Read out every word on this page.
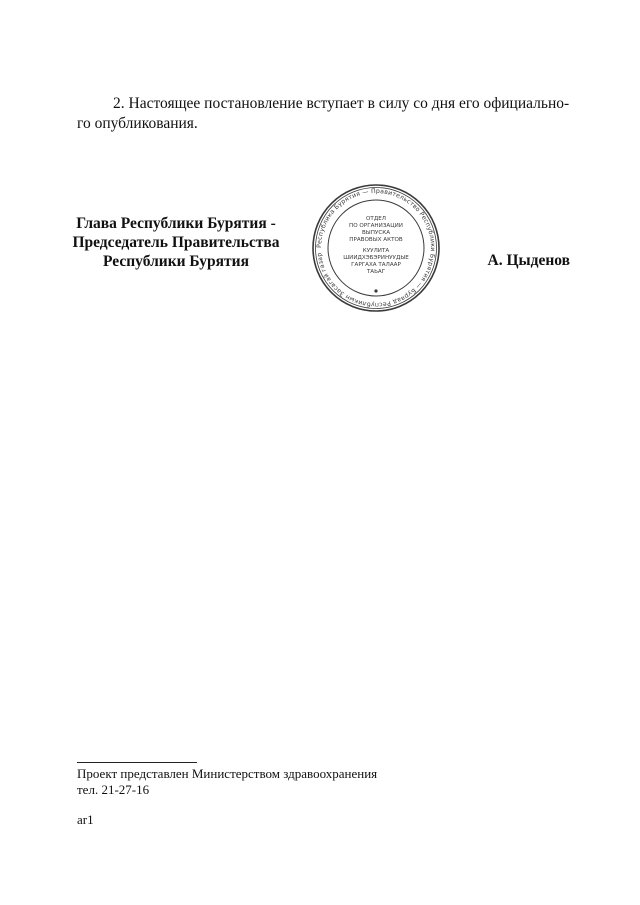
2. Настоящее постановление вступает в силу со дня его официально-
го опубликования.
Глава Республики Бурятия -
Председатель Правительства
Республики Бурятия
Республика Бурятия — Правительство Республики Бурятия — Буряад Республикын Засагай газар
ОТДЕЛ
ПО ОРГАНИЗАЦИИ
ВЫПУСКА
ПРАВОВЫХ АКТОВ
КУУЛИТА
ШИИДХЭБЭРИНУУДЫЕ
ГАРГАХА ТАЛААР
ТАЬАГ
А. Цыденов
Проект представлен Министерством здравоохранения
тел. 21-27-16
ar1
